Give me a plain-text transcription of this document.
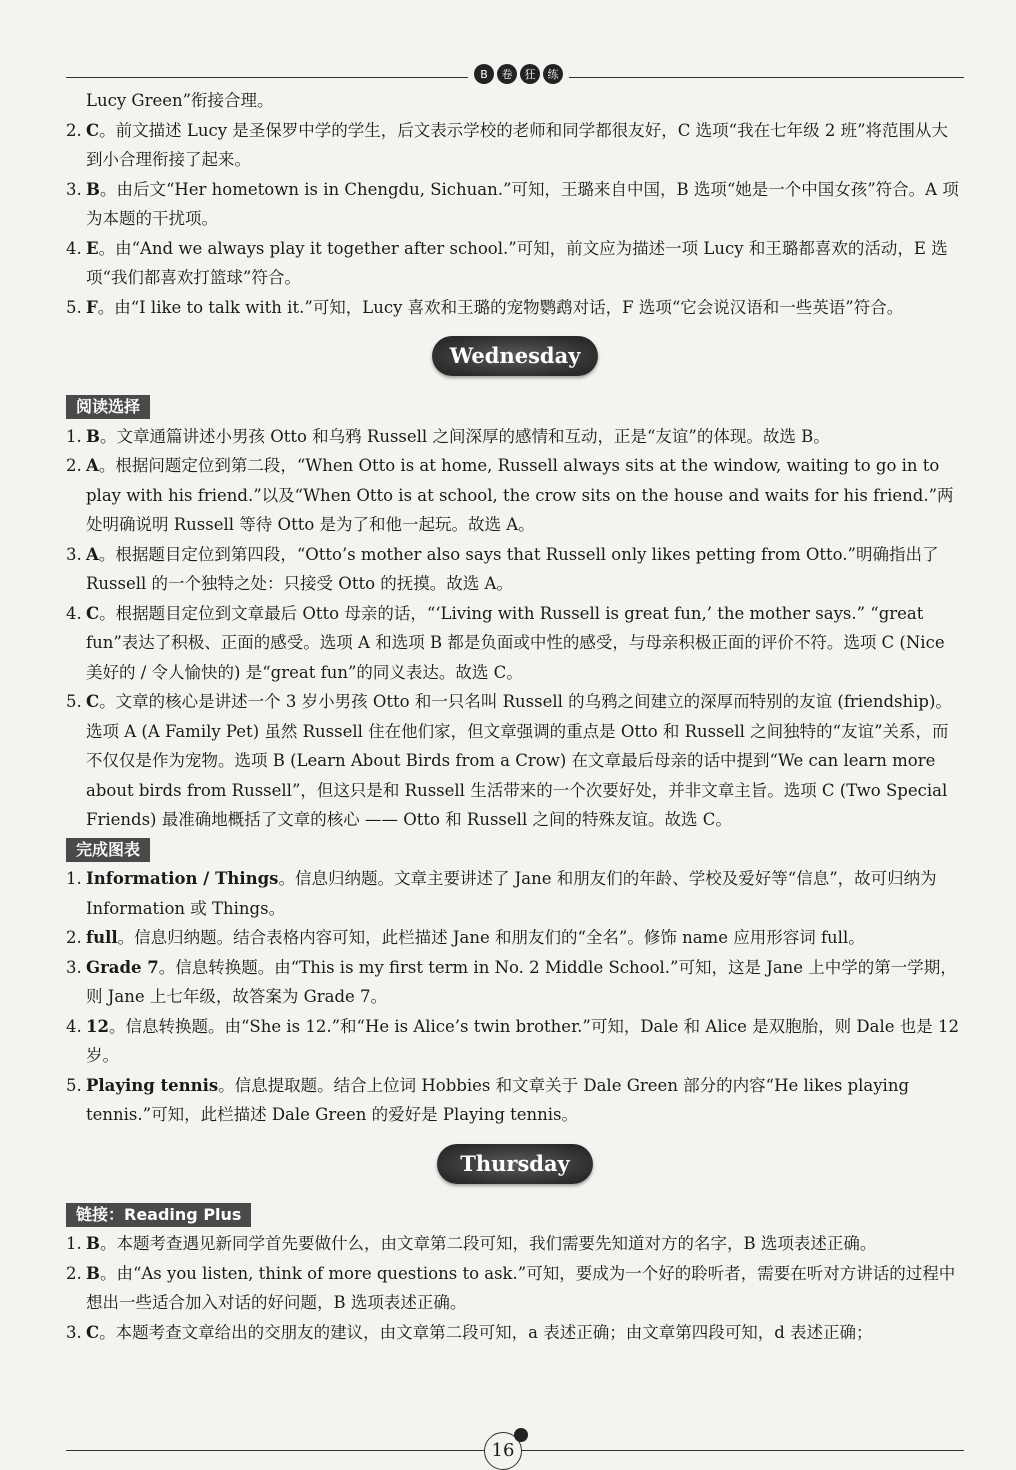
B	卷	狂	练

Lucy Green”衔接合理。

2. C。前文描述 Lucy 是圣保罗中学的学生，后文表示学校的老师和同学都很友好，C 选项“我在七年级 2 班”将范围从大到小合理衔接了起来。

3. B。由后文“Her hometown is in Chengdu, Sichuan.”可知，王璐来自中国，B 选项“她是一个中国女孩”符合。A 项为本题的干扰项。

4. E。由“And we always play it together after school.”可知，前文应为描述一项 Lucy 和王璐都喜欢的活动，E 选项“我们都喜欢打篮球”符合。

5. F。由“I like to talk with it.”可知，Lucy 喜欢和王璐的宠物鹦鹉对话，F 选项“它会说汉语和一些英语”符合。

Wednesday
阅读选择

1. B。文章通篇讲述小男孩 Otto 和乌鸦 Russell 之间深厚的感情和互动，正是“友谊”的体现。故选 B。

2. A。根据问题定位到第二段，“When Otto is at home, Russell always sits at the window, waiting to go in to play with his friend.”以及“When Otto is at school, the crow sits on the house and waits for his friend.”两处明确说明 Russell 等待 Otto 是为了和他一起玩。故选 A。

3. A。根据题目定位到第四段，“Otto’s mother also says that Russell only likes petting from Otto.”明确指出了 Russell 的一个独特之处：只接受 Otto 的抚摸。故选 A。

4. C。根据题目定位到文章最后 Otto 母亲的话，“‘Living with Russell is great fun,’ the mother says.” “great fun”表达了积极、正面的感受。选项 A 和选项 B 都是负面或中性的感受，与母亲积极正面的评价不符。选项 C (Nice 美好的 / 令人愉快的) 是“great fun”的同义表达。故选 C。

5. C。文章的核心是讲述一个 3 岁小男孩 Otto 和一只名叫 Russell 的乌鸦之间建立的深厚而特别的友谊 (friendship)。选项 A (A Family Pet) 虽然 Russell 住在他们家，但文章强调的重点是 Otto 和 Russell 之间独特的“友谊”关系，而不仅仅是作为宠物。选项 B (Learn About Birds from a Crow) 在文章最后母亲的话中提到“We can learn more about birds from Russell”，但这只是和 Russell 生活带来的一个次要好处，并非文章主旨。选项 C (Two Special Friends) 最准确地概括了文章的核心 —— Otto 和 Russell 之间的特殊友谊。故选 C。

完成图表

1. Information / Things。信息归纳题。文章主要讲述了 Jane 和朋友们的年龄、学校及爱好等“信息”，故可归纳为 Information 或 Things。

2. full。信息归纳题。结合表格内容可知，此栏描述 Jane 和朋友们的“全名”。修饰 name 应用形容词 full。

3. Grade 7。信息转换题。由“This is my first term in No. 2 Middle School.”可知，这是 Jane 上中学的第一学期，则 Jane 上七年级，故答案为 Grade 7。

4. 12。信息转换题。由“She is 12.”和“He is Alice’s twin brother.”可知，Dale 和 Alice 是双胞胎，则 Dale 也是 12 岁。

5. Playing tennis。信息提取题。结合上位词 Hobbies 和文章关于 Dale Green 部分的内容“He likes playing tennis.”可知，此栏描述 Dale Green 的爱好是 Playing tennis。

Thursday
链接：Reading Plus

1. B。本题考查遇见新同学首先要做什么，由文章第二段可知，我们需要先知道对方的名字，B 选项表述正确。

2. B。由“As you listen, think of more questions to ask.”可知，要成为一个好的聆听者，需要在听对方讲话的过程中想出一些适合加入对话的好问题，B 选项表述正确。

3. C。本题考查文章给出的交朋友的建议，由文章第二段可知，a 表述正确；由文章第四段可知，d 表述正确；

16
